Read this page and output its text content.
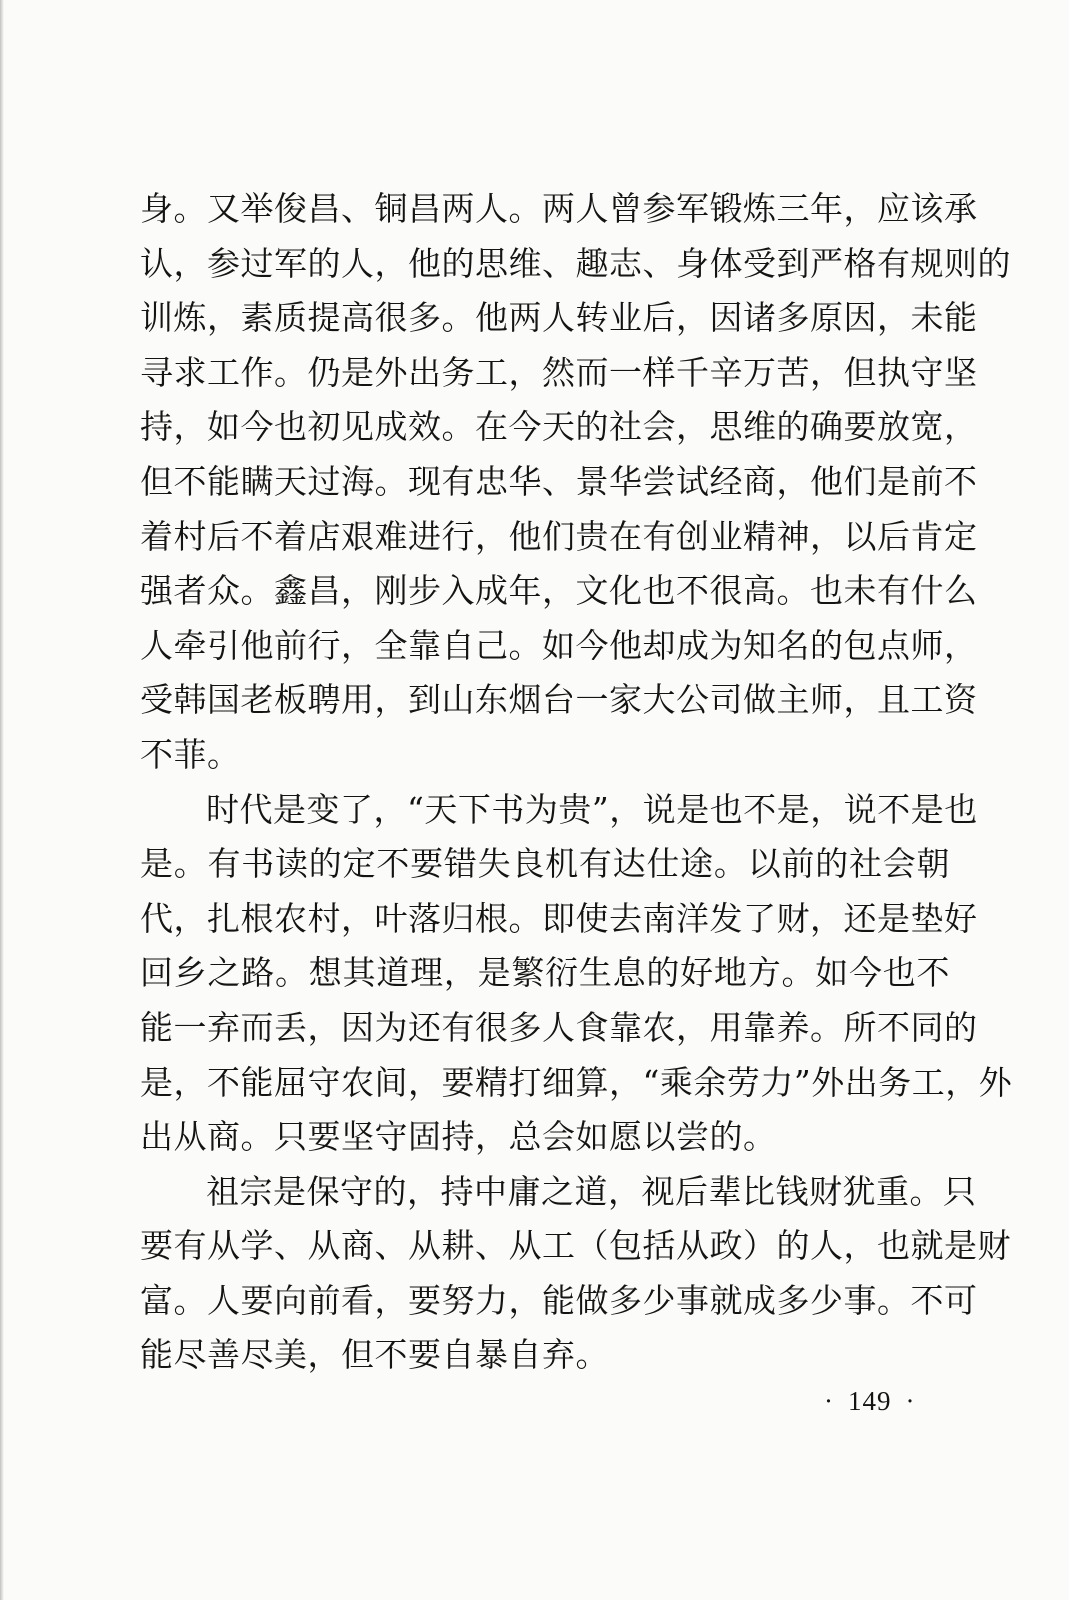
身。又举俊昌、铜昌两人。两人曾参军锻炼三年，应该承
认，参过军的人，他的思维、趣志、身体受到严格有规则的
训炼，素质提高很多。他两人转业后，因诸多原因，未能
寻求工作。仍是外出务工，然而一样千辛万苦，但执守坚
持，如今也初见成效。在今天的社会，思维的确要放宽，
但不能瞒天过海。现有忠华、景华尝试经商，他们是前不
着村后不着店艰难进行，他们贵在有创业精神，以后肯定
强者众。鑫昌，刚步入成年，文化也不很高。也未有什么
人牵引他前行，全靠自己。如今他却成为知名的包点师，
受韩国老板聘用，到山东烟台一家大公司做主师，且工资
不菲。
时代是变了，“天下书为贵”，说是也不是，说不是也
是。有书读的定不要错失良机有达仕途。以前的社会朝
代，扎根农村，叶落归根。即使去南洋发了财，还是垫好
回乡之路。想其道理，是繁衍生息的好地方。如今也不
能一弃而丢，因为还有很多人食靠农，用靠养。所不同的
是，不能屈守农间，要精打细算，“乘余劳力”外出务工，外
出从商。只要坚守固持，总会如愿以尝的。
祖宗是保守的，持中庸之道，视后辈比钱财犹重。只
要有从学、从商、从耕、从工（包括从政）的人，也就是财
富。人要向前看，要努力，能做多少事就成多少事。不可
能尽善尽美，但不要自暴自弃。
· 149 ·
